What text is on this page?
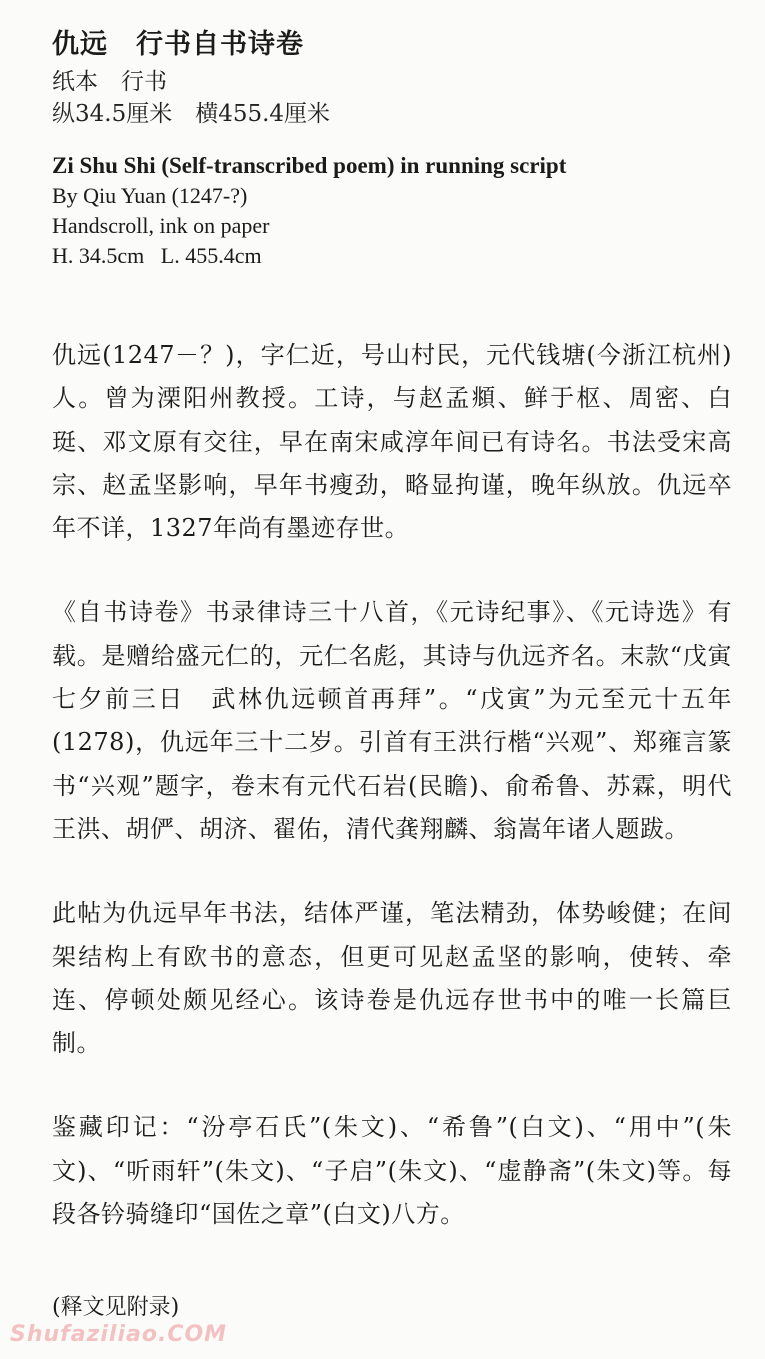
仇远　行书自书诗卷
纸本　行书
纵34.5厘米　横455.4厘米
Zi Shu Shi (Self-transcribed poem) in running script
By Qiu Yuan (1247-?)
Handscroll, ink on paper
H. 34.5cm   L. 455.4cm

仇远(1247－？)，字仁近，号山村民，元代钱塘(今浙江杭州)人。曾为溧阳州教授。工诗，与赵孟頫、鲜于枢、周密、白珽、邓文原有交往，早在南宋咸淳年间已有诗名。书法受宋高宗、赵孟坚影响，早年书瘦劲，略显拘谨，晚年纵放。仇远卒年不详，1327年尚有墨迹存世。

《自书诗卷》书录律诗三十八首，《元诗纪事》、《元诗选》有载。是赠给盛元仁的，元仁名彪，其诗与仇远齐名。末款“戊寅七夕前三日　武林仇远顿首再拜”。“戊寅”为元至元十五年(1278)，仇远年三十二岁。引首有王洪行楷“兴观”、郑雍言篆书“兴观”题字，卷末有元代石岩(民瞻)、俞希鲁、苏霖，明代王洪、胡俨、胡济、翟佑，清代龚翔麟、翁嵩年诸人题跋。

此帖为仇远早年书法，结体严谨，笔法精劲，体势峻健；在间架结构上有欧书的意态，但更可见赵孟坚的影响，使转、牵连、停顿处颇见经心。该诗卷是仇远存世书中的唯一长篇巨制。

鉴藏印记：“汾亭石氏”(朱文)、“希鲁”(白文)、“用中”(朱文)、“听雨轩”(朱文)、“子启”(朱文)、“虚静斋”(朱文)等。每段各钤骑缝印“国佐之章”(白文)八方。

(释文见附录)
Shufaziliao.COM
